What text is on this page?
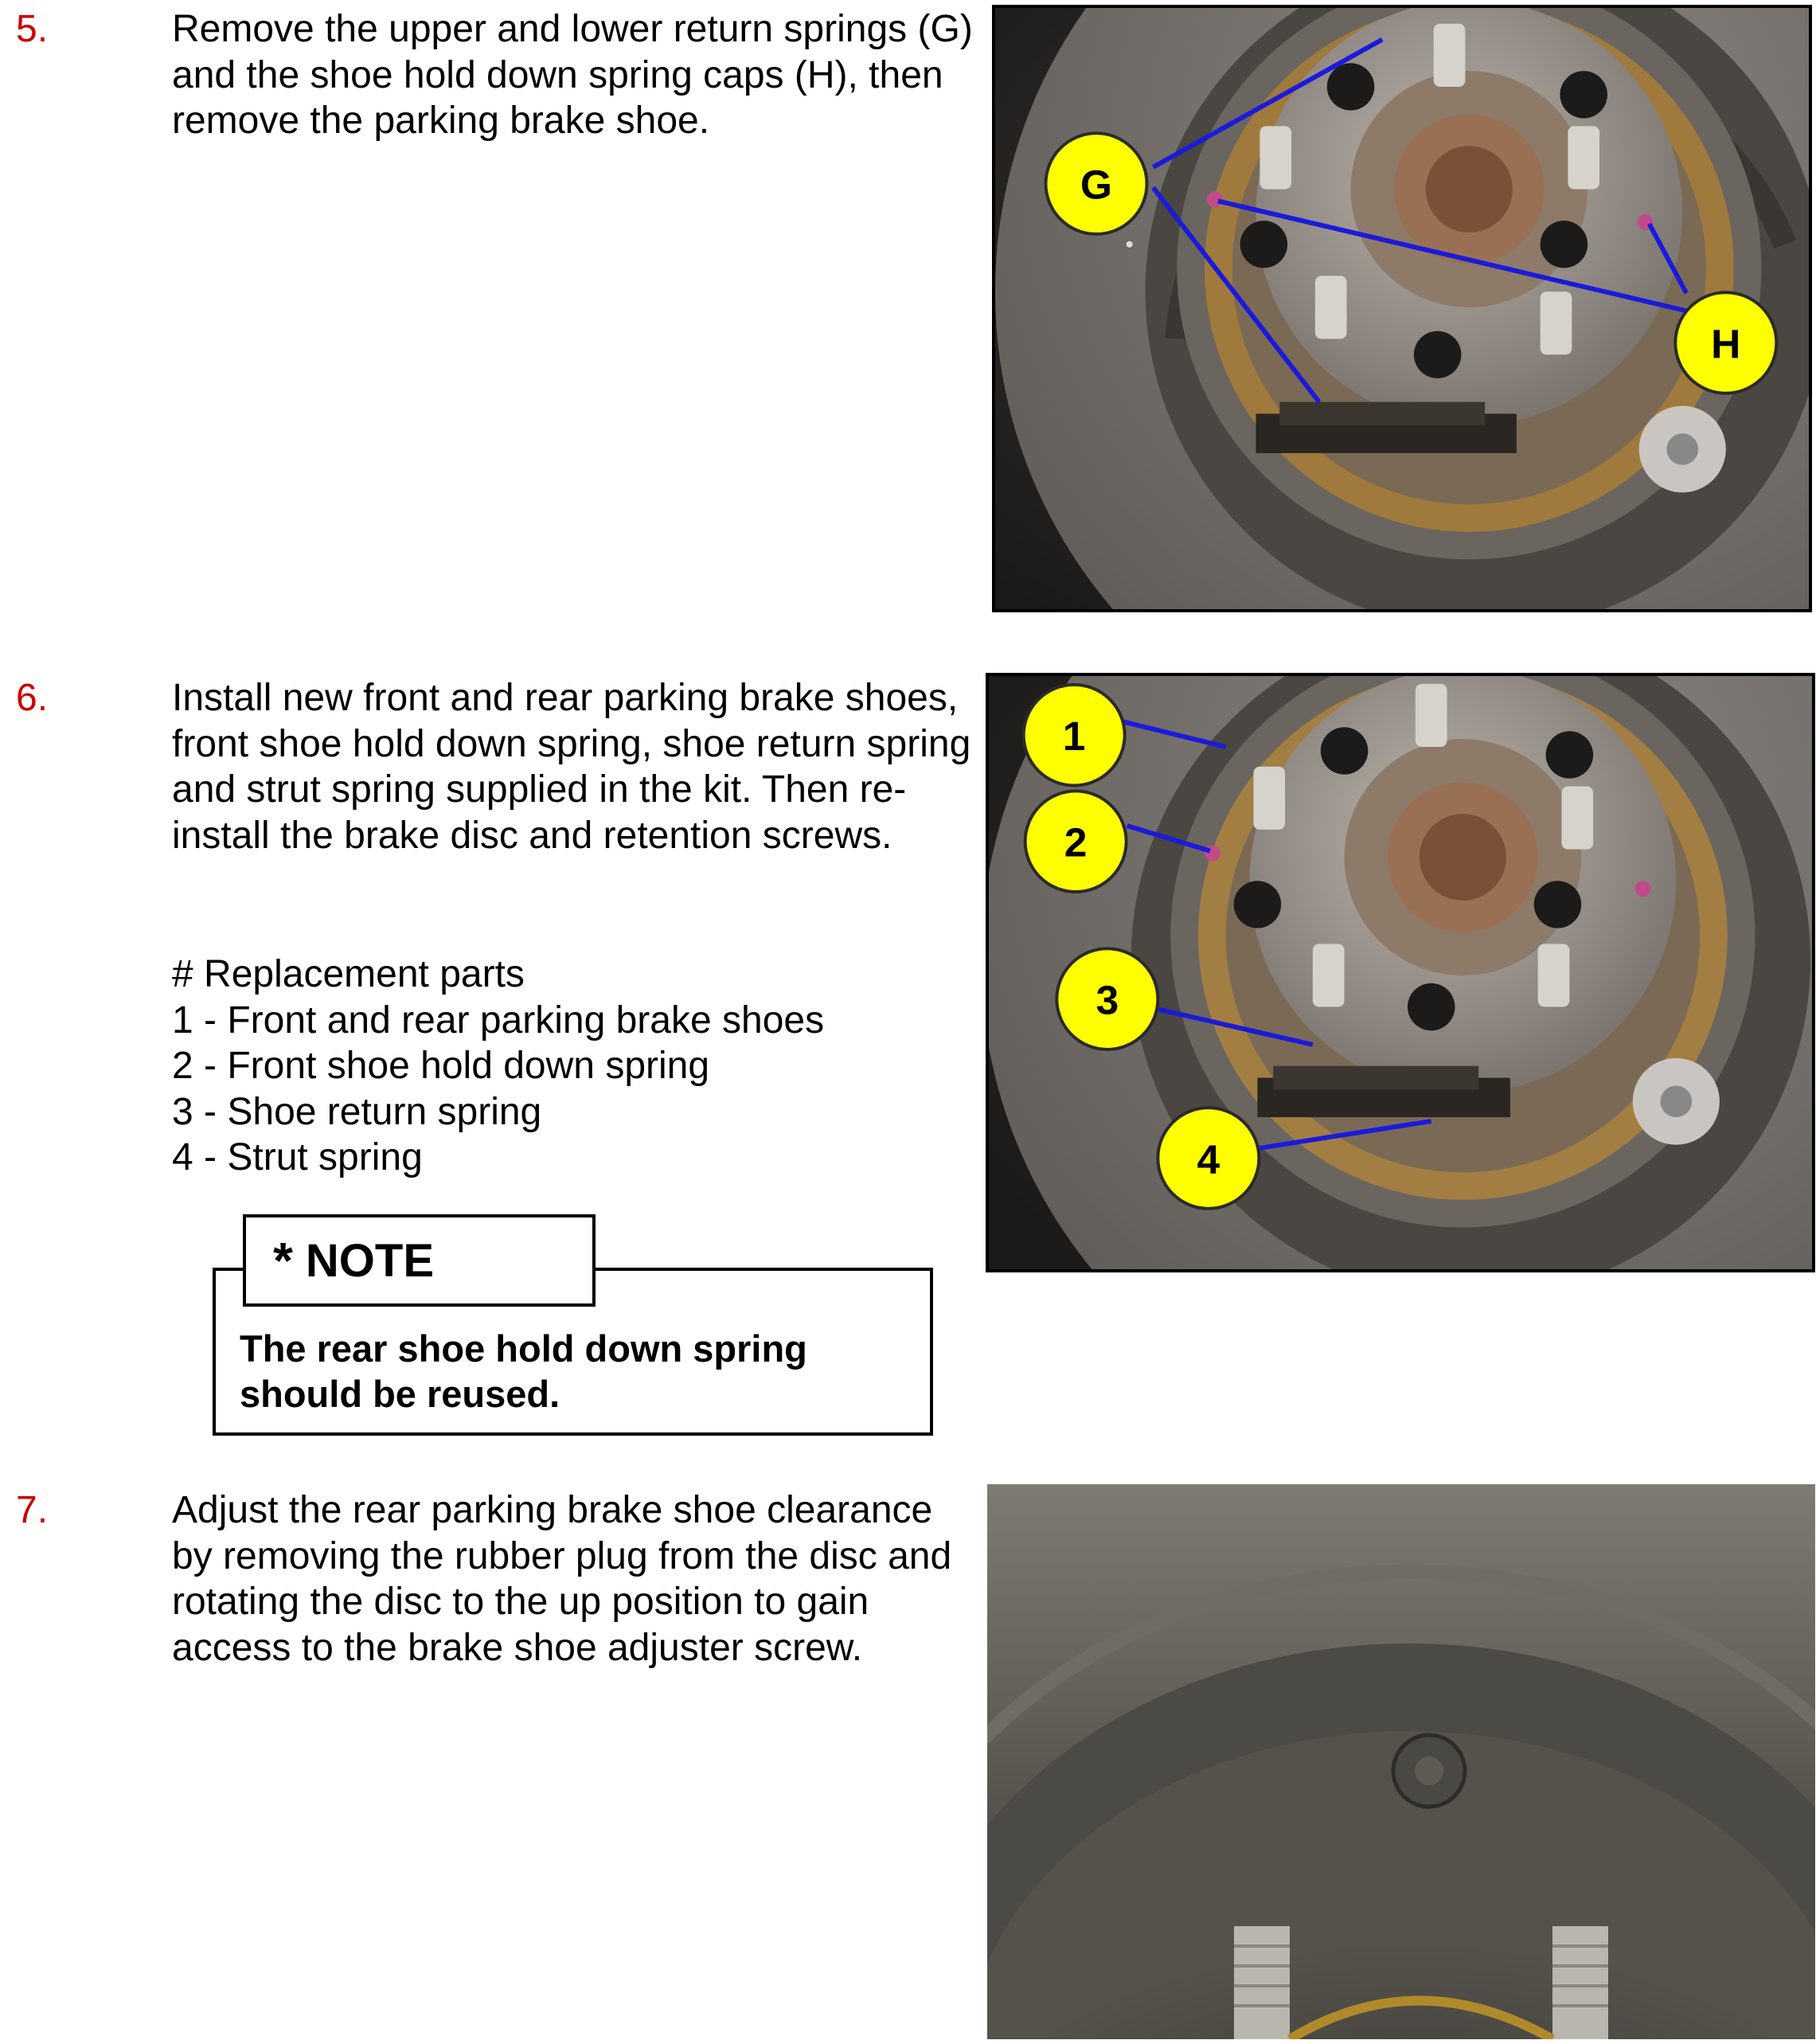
5.	Remove the upper and lower return springs (G) and the shoe hold down spring caps (H), then remove the parking brake shoe.

G
H
6.	Install new front and rear parking brake shoes, front shoe hold down spring, shoe return spring and strut spring supplied in the kit. Then re-install the brake disc and retention screws.

# Replacement parts
1 - Front and rear parking brake shoes
2 - Front shoe hold down spring
3 - Shoe return spring
4 - Strut spring
* NOTE
The rear shoe hold down spring should be reused.
1
2
3
4
7.	Adjust the rear parking brake shoe clearance by removing the rubber plug from the disc and rotating the disc to the up position to gain access to the brake shoe adjuster screw.
